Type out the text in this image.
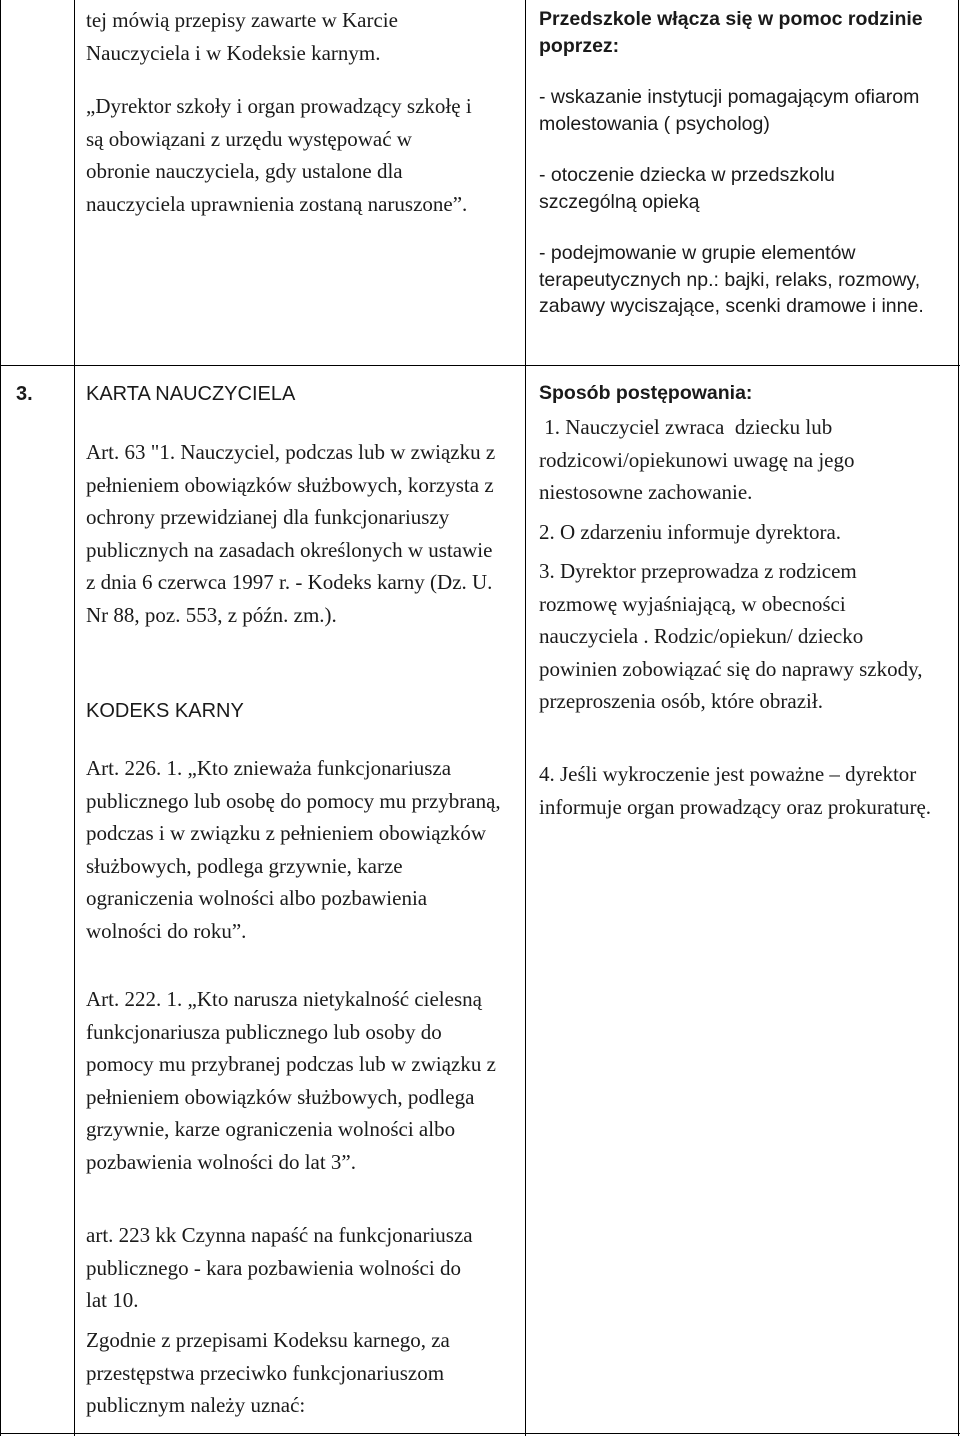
tej mówią przepisy zawarte w Karcie Nauczyciela i w Kodeksie karnym.

„Dyrektor szkoły i organ prowadzący szkołę i są obowiązani z urzędu występować w obronie nauczyciela, gdy ustalone dla nauczyciela uprawnienia zostaną naruszone”.

Przedszkole włącza się w pomoc rodzinie poprzez:

- wskazanie instytucji pomagającym ofiarom molestowania ( psycholog)

- otoczenie dziecka w przedszkolu szczególną opieką

- podejmowanie w grupie elementów terapeutycznych np.: bajki, relaks, rozmowy, zabawy wyciszające, scenki dramowe i inne.

3.	KARTA NAUCZYCIELA

Art. 63 "1. Nauczyciel, podczas lub w związku z pełnieniem obowiązków służbowych, korzysta z ochrony przewidzianej dla funkcjonariuszy publicznych na zasadach określonych w ustawie z dnia 6 czerwca 1997 r. - Kodeks karny (Dz. U. Nr 88, poz. 553, z późn. zm.).

KODEKS KARNY

Art. 226. 1. „Kto znieważa funkcjonariusza publicznego lub osobę do pomocy mu przybraną, podczas i w związku z pełnieniem obowiązków służbowych, podlega grzywnie, karze ograniczenia wolności albo pozbawienia wolności do roku”.

Art. 222. 1. „Kto narusza nietykalność cielesną funkcjonariusza publicznego lub osoby do pomocy mu przybranej podczas lub w związku z pełnieniem obowiązków służbowych, podlega grzywnie, karze ograniczenia wolności albo pozbawienia wolności do lat 3”.

art. 223 kk Czynna napaść na funkcjonariusza publicznego - kara pozbawienia wolności do lat 10.

Zgodnie z przepisami Kodeksu karnego, za przestępstwa przeciwko funkcjonariuszom publicznym należy uznać:

Sposób postępowania:

1. Nauczyciel zwraca  dziecku lub rodzicowi/opiekunowi uwagę na jego niestosowne zachowanie.

2. O zdarzeniu informuje dyrektora.

3. Dyrektor przeprowadza z rodzicem rozmowę wyjaśniającą, w obecności nauczyciela . Rodzic/opiekun/ dziecko powinien zobowiązać się do naprawy szkody, przeproszenia osób, które obraził.

4. Jeśli wykroczenie jest poważne – dyrektor informuje organ prowadzący oraz prokuraturę.
